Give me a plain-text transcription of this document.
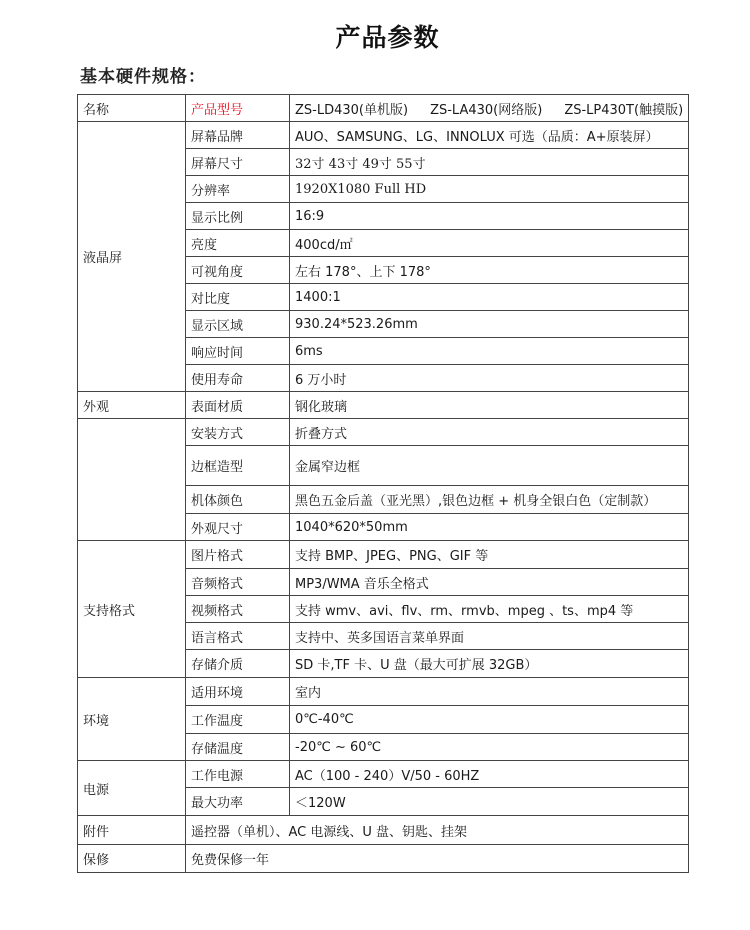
产品参数
基本硬件规格：
名称	产品型号	ZS-LD430(单机版) ZS-LA430(网络版) ZS-LP430T(触摸版)
液晶屏	屏幕品牌	AUO、SAMSUNG、LG、INNOLUX 可选（品质：A+原装屏）
	屏幕尺寸	32寸 43寸 49寸 55寸
	分辨率	1920X1080 Full HD
	显示比例	16:9
	亮度	400cd/㎡
	可视角度	左右 178°、上下 178°
	对比度	1400:1
	显示区域	930.24*523.26mm
	响应时间	6ms
	使用寿命	6 万小时
外观	表面材质	钢化玻璃
	安装方式	折叠方式
	边框造型	金属窄边框
	机体颜色	黑色五金后盖（亚光黑）,银色边框 + 机身全银白色（定制款）
	外观尺寸	1040*620*50mm
支持格式	图片格式	支持 BMP、JPEG、PNG、GIF 等
	音频格式	MP3/WMA 音乐全格式
	视频格式	支持 wmv、avi、flv、rm、rmvb、mpeg 、ts、mp4 等
	语言格式	支持中、英多国语言菜单界面
	存储介质	SD 卡,TF 卡、U 盘（最大可扩展 32GB）
环境	适用环境	室内
	工作温度	0℃-40℃
	存储温度	-20℃ ~ 60℃
电源	工作电源	AC（100 - 240）V/50 - 60HZ
	最大功率	＜120W
附件	遥控器（单机）、AC 电源线、U 盘、钥匙、挂架	
保修	免费保修一年	
